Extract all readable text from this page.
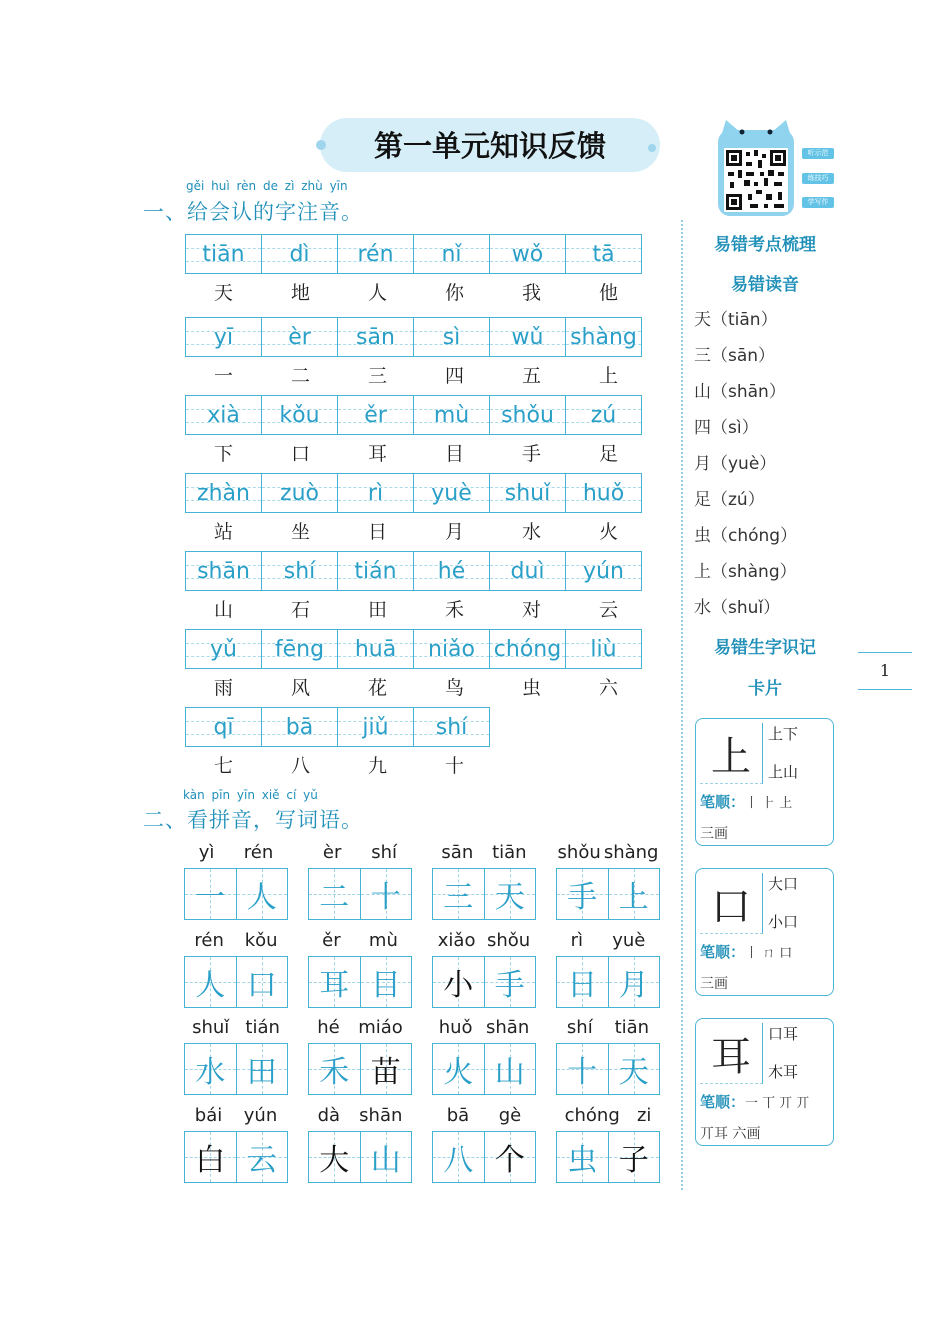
第一单元知识反馈
gěi huì rèn de zì zhù yīn
一、给会认的字注音。
tiān dì rén nǐ wǒ tā
天	地	人	你	我	他
yī	èr sān sì wǔ shàng
一	二	三	四	五	上
xià kǒu ěr mù shǒu zú
下	口	耳	目	手	足
zhàn zuò rì yuè shuǐ huǒ
站	坐	日	月	水	火
shān shí tián hé duì yún
山	石	田	禾	对	云
yǔ fēng huā niǎo chóng liù
雨	风	花	鸟	虫	六
qī bā jiǔ shí
七	八	九	十
kàn pīn yīn xiě cí yǔ
二、看拼音，写词语。
yì rén
一 人
èr shí
二 十
sān tiān
三 天
shǒu shàng
手 上
rén kǒu
人 口
ěr mù
耳 目
xiǎo shǒu
小 手
rì yuè
日 月
shuǐ tián
水 田
hé miáo
禾 苗
huǒ shān
火 山
shí tiān
十 天
bái yún
白 云
dà shān
大 山
bā gè
八 个
chóng zi
虫 子
听示范
练技巧
学写作
易错考点梳理
易错读音
天（tiān）
三（sān）
山（shān）
四（sì）
月（yuè）
足（zú）
虫（chóng）
上（shàng）
水（shuǐ）
易错生字识记
卡片
上	上下
上山
笔顺：丨 ⺊ 上
三画
口	大口
小口
笔顺：丨 ㄇ 口
三画
耳	口耳
木耳
笔顺：一 丅 丌 丌
丌耳 六画
1
